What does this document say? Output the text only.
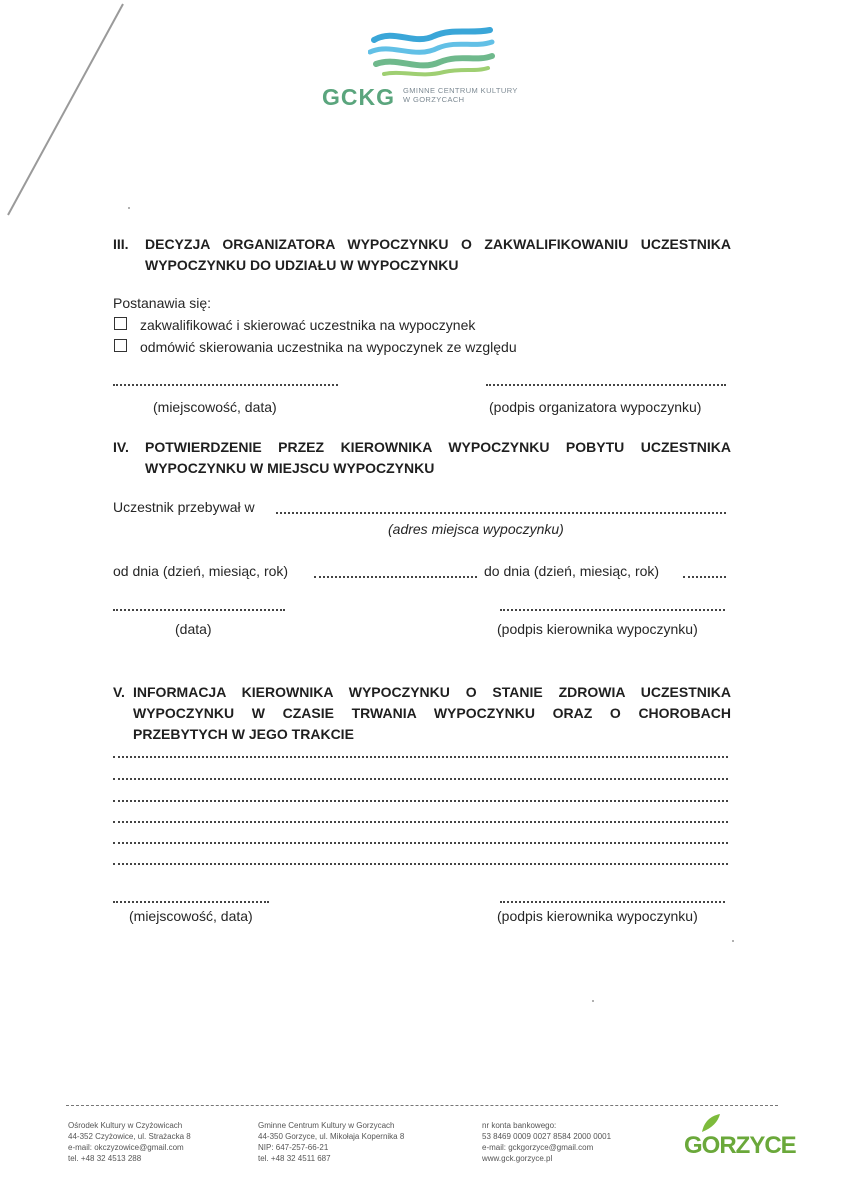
GCKG GMINNE CENTRUM KULTURY
W GORZYCACH
III. DECYZJA ORGANIZATORA WYPOCZYNKU O ZAKWALIFIKOWANIU UCZESTNIKA
WYPOCZYNKU DO UDZIAŁU W WYPOCZYNKU
Postanawia się:
zakwalifikować i skierować uczestnika na wypoczynek
odmówić skierowania uczestnika na wypoczynek ze względu
(miejscowość, data)	(podpis organizatora wypoczynku)
IV. POTWIERDZENIE PRZEZ KIEROWNIKA WYPOCZYNKU POBYTU UCZESTNIKA
WYPOCZYNKU W MIEJSCU WYPOCZYNKU
Uczestnik przebywał w
(adres miejsca wypoczynku)
od dnia (dzień, miesiąc, rok)	do dnia (dzień, miesiąc, rok)
(data)	(podpis kierownika wypoczynku)
V. INFORMACJA KIEROWNIKA WYPOCZYNKU O STANIE ZDROWIA UCZESTNIKA
WYPOCZYNKU W CZASIE TRWANIA WYPOCZYNKU ORAZ O CHOROBACH
PRZEBYTYCH W JEGO TRAKCIE
(miejscowość, data)	(podpis kierownika wypoczynku)
Ośrodek Kultury w Czyżowicach
44-352 Czyżowice, ul. Strażacka 8
e-mail: okczyzowice@gmail.com
tel. +48 32 4513 288
Gminne Centrum Kultury w Gorzycach
44-350 Gorzyce, ul. Mikołaja Kopernika 8
NIP: 647-257-66-21
tel. +48 32 4511 687
nr konta bankowego:
53 8469 0009 0027 8584 2000 0001
e-mail: gckgorzyce@gmail.com
www.gck.gorzyce.pl	GORZYCE
